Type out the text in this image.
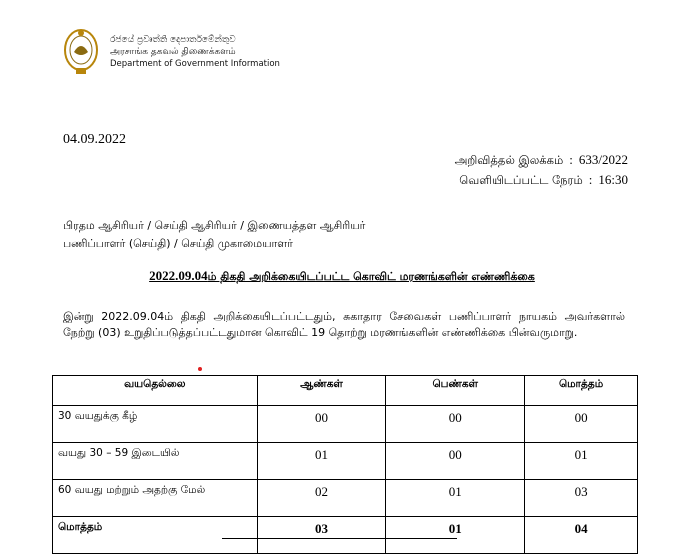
රජයේ ප්‍රවෘත්ති දෙපාර්තමේන්තුව
அரசாங்க தகவல் திணைக்களம்
Department of Government Information
04.09.2022
அறிவித்தல் இலக்கம் : 633/2022
வெளியிடப்பட்ட நேரம் : 16:30
பிரதம ஆசிரியர் / செய்தி ஆசிரியர் / இணையத்தள ஆசிரியர்
பணிப்பாளர் (செய்தி) / செய்தி முகாமையாளர்
2022.09.04ம் திகதி அறிக்கையிடப்பட்ட கொவிட் மரணங்களின் எண்ணிக்கை
இன்று 2022.09.04ம் திகதி அறிக்கையிடப்பட்டதும், சுகாதார சேவைகள் பணிப்பாளர் நாயகம் அவர்களால் நேற்று (03) உறுதிப்படுத்தப்பட்டதுமான கொவிட் 19 தொற்று மரணங்களின் எண்ணிக்கை பின்வருமாறு.
வயதெல்லை	ஆண்கள்	பெண்கள்	மொத்தம்
30 வயதுக்கு கீழ்	00	00	00
வயது 30 – 59 இடையில்	01	00	01
60 வயது மற்றும் அதற்கு மேல்	02	01	03
மொத்தம்	03	01	04
